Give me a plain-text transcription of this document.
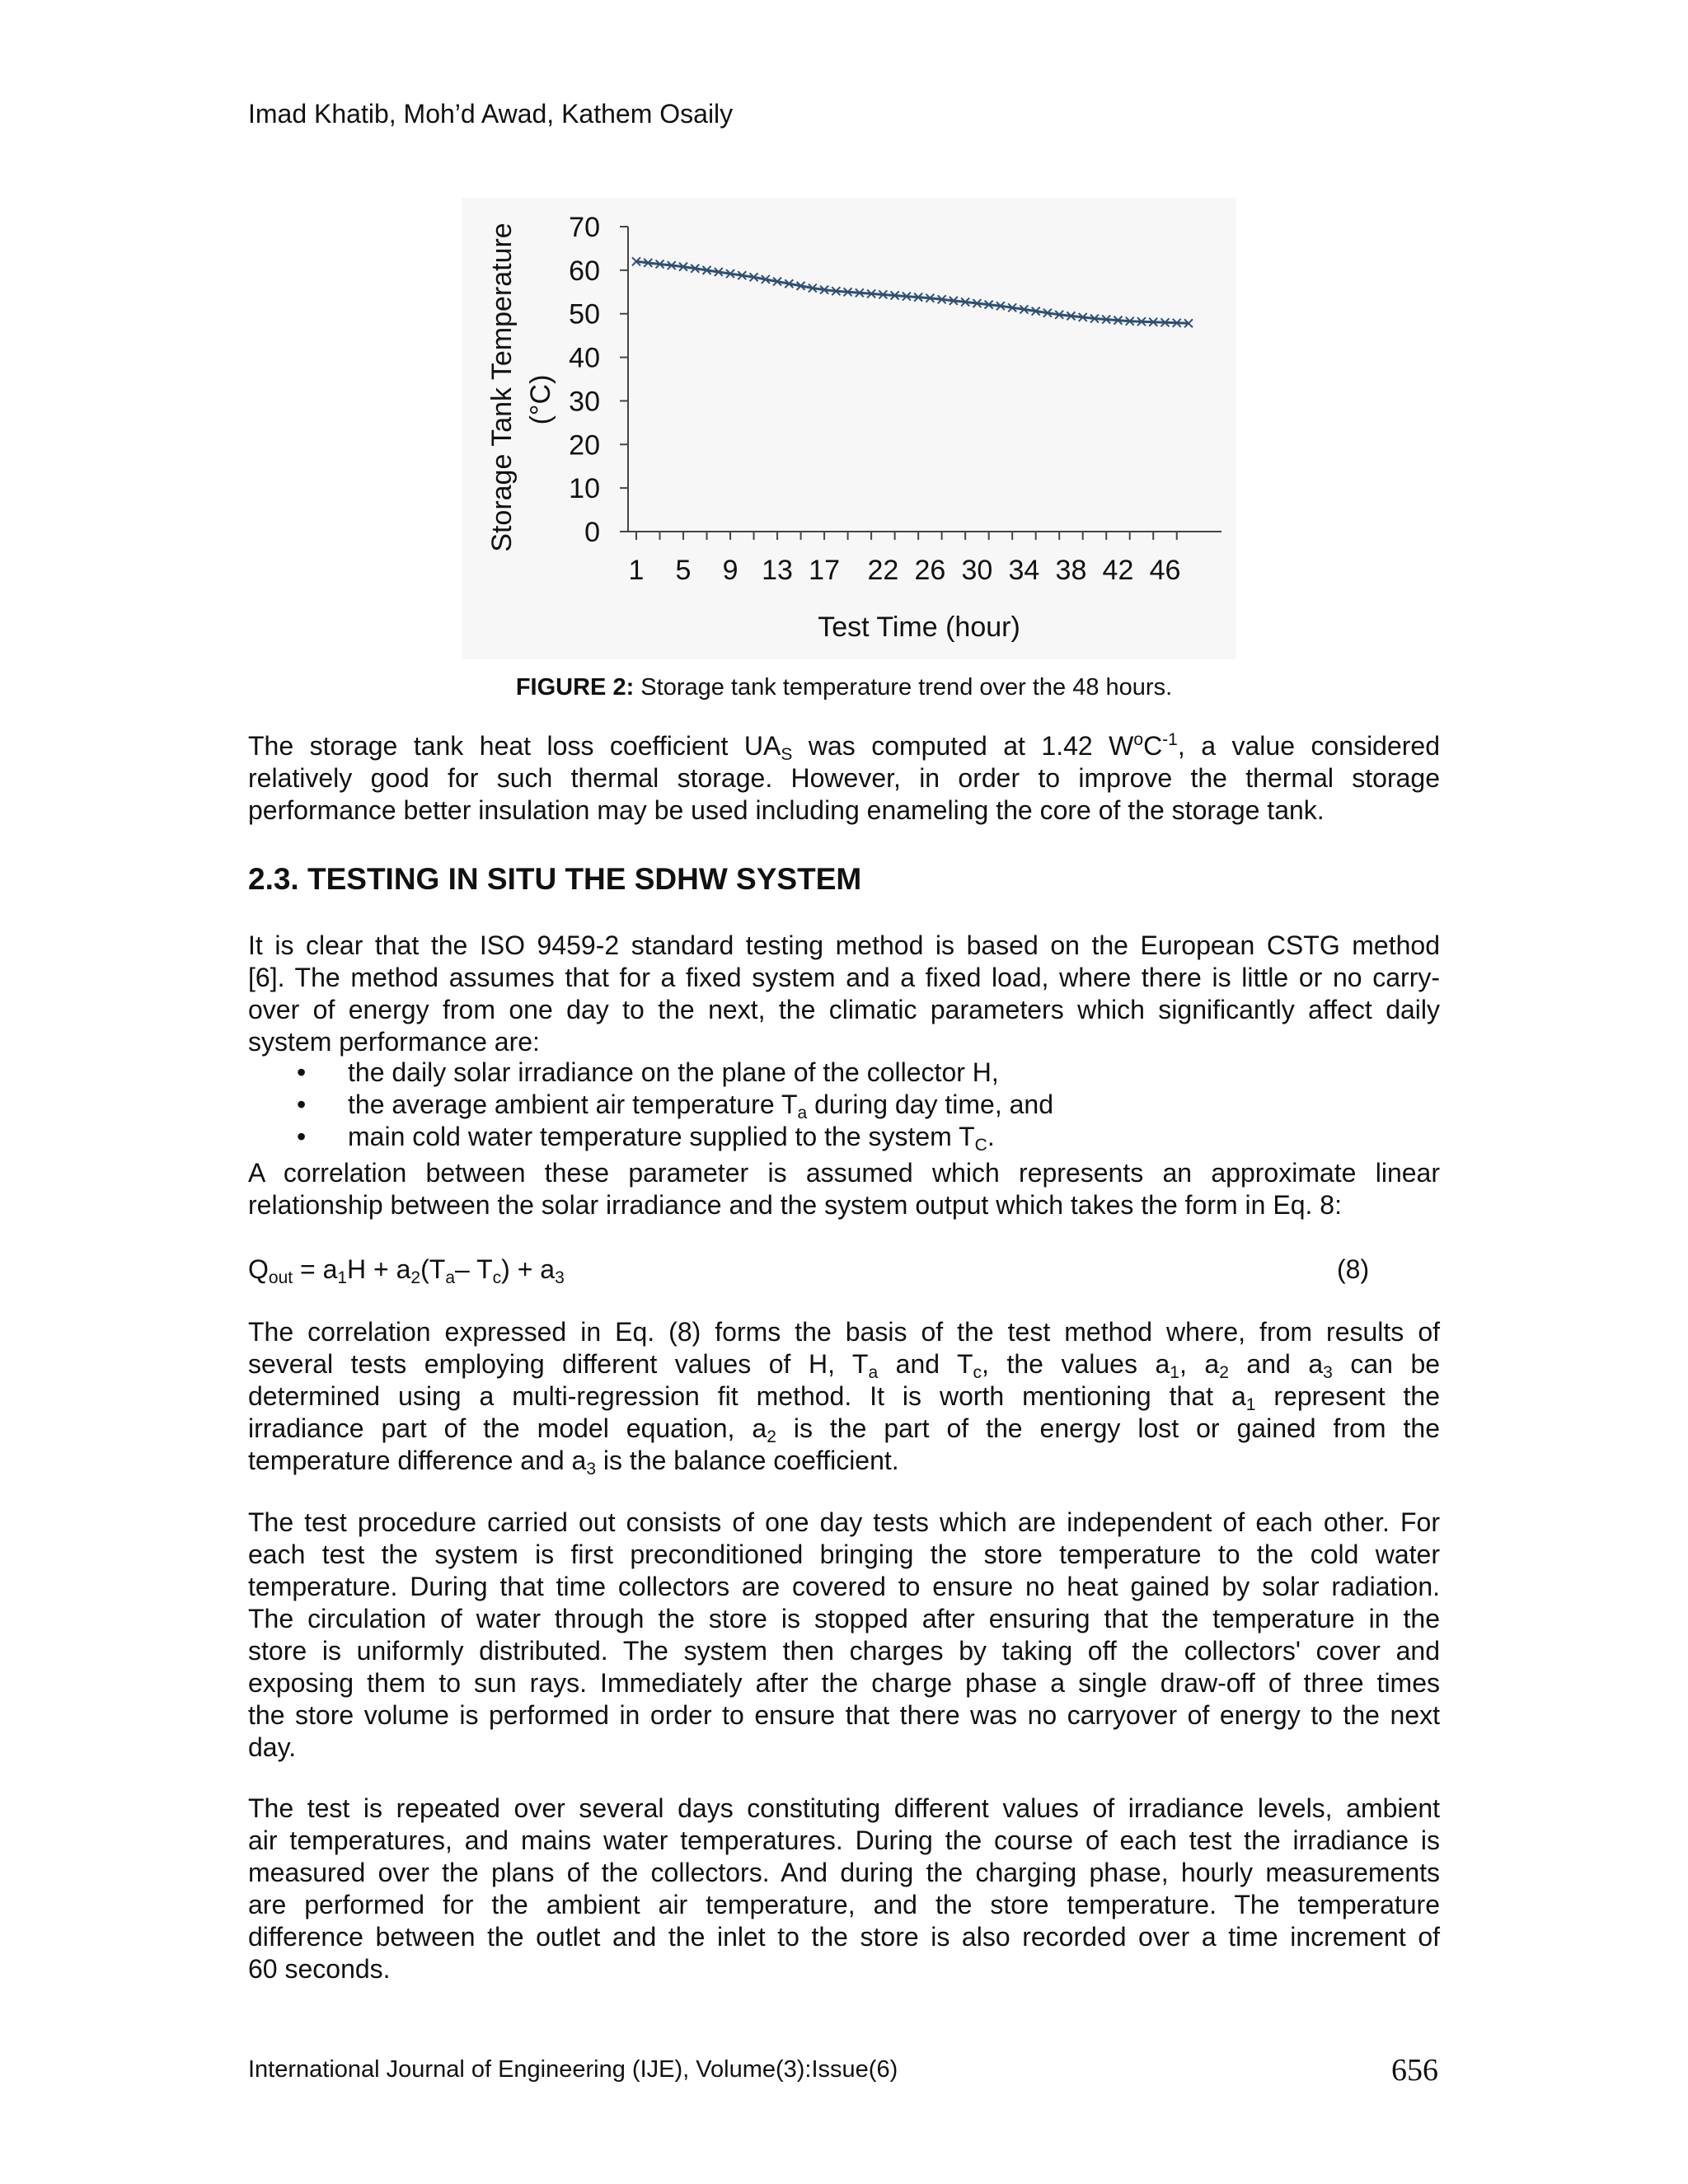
Imad Khatib, Moh’d Awad, Kathem Osaily
Storage Tank Temperature (°C)
Test Time (hour)
0
10
20
30
40
50
60
70
1 5 9 13 17 22 26 30 34 38 42 46
FIGURE 2: Storage tank temperature trend over the 48 hours.
The storage tank heat loss coefficient $UA_S$ was computed at 1.42 $W^oC^{-1}$, a value considered
relatively good for such thermal storage. However, in order to improve the thermal storage
performance better insulation may be used including enameling the core of the storage tank.
2.3. TESTING IN SITU THE SDHW SYSTEM
It is clear that the ISO 9459-2 standard testing method is based on the European CSTG method
[6]. The method assumes that for a fixed system and a fixed load, where there is little or no carry-
over of energy from one day to the next, the climatic parameters which significantly affect daily
system performance are:
• the daily solar irradiance on the plane of the collector H,
• the average ambient air temperature $T_a$ during day time, and
• main cold water temperature supplied to the system $T_C$.
A correlation between these parameter is assumed which represents an approximate linear
relationship between the solar irradiance and the system output which takes the form in Eq. 8:
$Q_{out} = a_1H + a_2(T_a-$ $T_c) + a_3$	(8)
The correlation expressed in Eq. (8) forms the basis of the test method where, from results of
several tests employing different values of H, $T_a$ and $T_c$, the values $a_1$, $a_2$ and $a_3$ can be
determined using a multi-regression fit method. It is worth mentioning that $a_1$ represent the
irradiance part of the model equation, $a_2$ is the part of the energy lost or gained from the
temperature difference and $a_3$ is the balance coefficient.
The test procedure carried out consists of one day tests which are independent of each other. For
each test the system is first preconditioned bringing the store temperature to the cold water
temperature. During that time collectors are covered to ensure no heat gained by solar radiation.
The circulation of water through the store is stopped after ensuring that the temperature in the
store is uniformly distributed. The system then charges by taking off the collectors' cover and
exposing them to sun rays. Immediately after the charge phase a single draw-off of three times
the store volume is performed in order to ensure that there was no carryover of energy to the next
day.
The test is repeated over several days constituting different values of irradiance levels, ambient
air temperatures, and mains water temperatures. During the course of each test the irradiance is
measured over the plans of the collectors. And during the charging phase, hourly measurements
are performed for the ambient air temperature, and the store temperature. The temperature
difference between the outlet and the inlet to the store is also recorded over a time increment of
60 seconds.
International Journal of Engineering (IJE), Volume(3):Issue(6)	656
